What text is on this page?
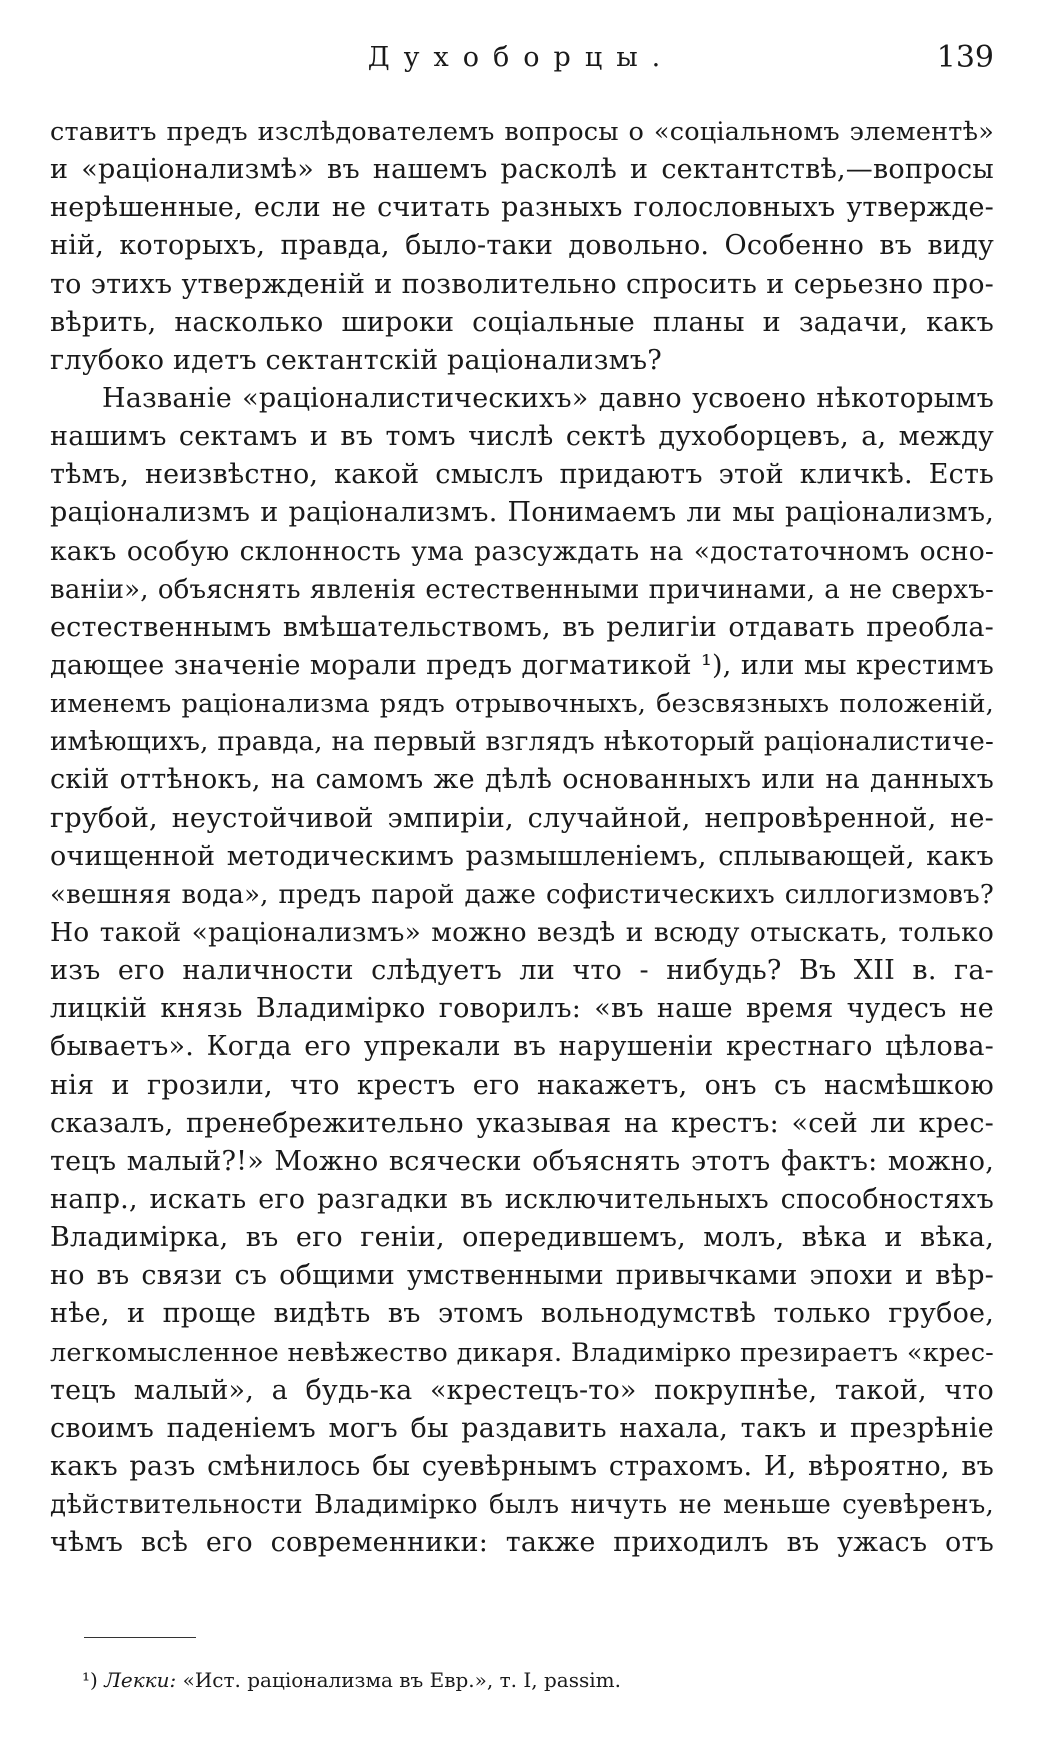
Духоборцы.	139
ставитъ предъ изслѣдователемъ вопросы о «соціальномъ элементѣ»
и «раціонализмѣ» въ нашемъ расколѣ и сектантствѣ,—вопросы
нерѣшенные, если не считать разныхъ голословныхъ утвержде-
ній, которыхъ, правда, было-таки довольно. Особенно въ виду
то этихъ утвержденій и позволительно спросить и серьезно про-
вѣрить, насколько широки соціальные планы и задачи, какъ
глубоко идетъ сектантскій раціонализмъ?
Названіе «раціоналистическихъ» давно усвоено нѣкоторымъ
нашимъ сектамъ и въ томъ числѣ сектѣ духоборцевъ, а, между
тѣмъ, неизвѣстно, какой смыслъ придаютъ этой кличкѣ. Есть
раціонализмъ и раціонализмъ. Понимаемъ ли мы раціонализмъ,
какъ особую склонность ума разсуждать на «достаточномъ осно-
ваніи», объяснять явленія естественными причинами, а не сверхъ-
естественнымъ вмѣшательствомъ, въ религіи отдавать преобла-
дающее значеніе морали предъ догматикой ¹), или мы крестимъ
именемъ раціонализма рядъ отрывочныхъ, безсвязныхъ положеній,
имѣющихъ, правда, на первый взглядъ нѣкоторый раціоналистиче-
скій оттѣнокъ, на самомъ же дѣлѣ основанныхъ или на данныхъ
грубой, неустойчивой эмпиріи, случайной, непровѣренной, не-
очищенной методическимъ размышленіемъ, сплывающей, какъ
«вешняя вода», предъ парой даже софистическихъ силлогизмовъ?
Но такой «раціонализмъ» можно вездѣ и всюду отыскать, только
изъ его наличности слѣдуетъ ли что - нибудь? Въ XII в. га-
лицкій князь Владимірко говорилъ: «въ наше время чудесъ не
бываетъ». Когда его упрекали въ нарушеніи крестнаго цѣлова-
нія и грозили, что крестъ его накажетъ, онъ съ насмѣшкою
сказалъ, пренебрежительно указывая на крестъ: «сей ли крес-
тецъ малый?!» Можно всячески объяснять этотъ фактъ: можно,
напр., искать его разгадки въ исключительныхъ способностяхъ
Владимірка, въ его геніи, опередившемъ, молъ, вѣка и вѣка,
но въ связи съ общими умственными привычками эпохи и вѣр-
нѣе, и проще видѣть въ этомъ вольнодумствѣ только грубое,
легкомысленное невѣжество дикаря. Владимірко презираетъ «крес-
тецъ малый», а будь-ка «крестецъ-то» покрупнѣе, такой, что
своимъ паденіемъ могъ бы раздавить нахала, такъ и презрѣніе
какъ разъ смѣнилось бы суевѣрнымъ страхомъ. И, вѣроятно, въ
дѣйствительности Владимірко былъ ничуть не меньше суевѣренъ,
чѣмъ всѣ его современники: также приходилъ въ ужасъ отъ
¹) Лекки: «Ист. раціонализма въ Евр.», т. I, passim.
